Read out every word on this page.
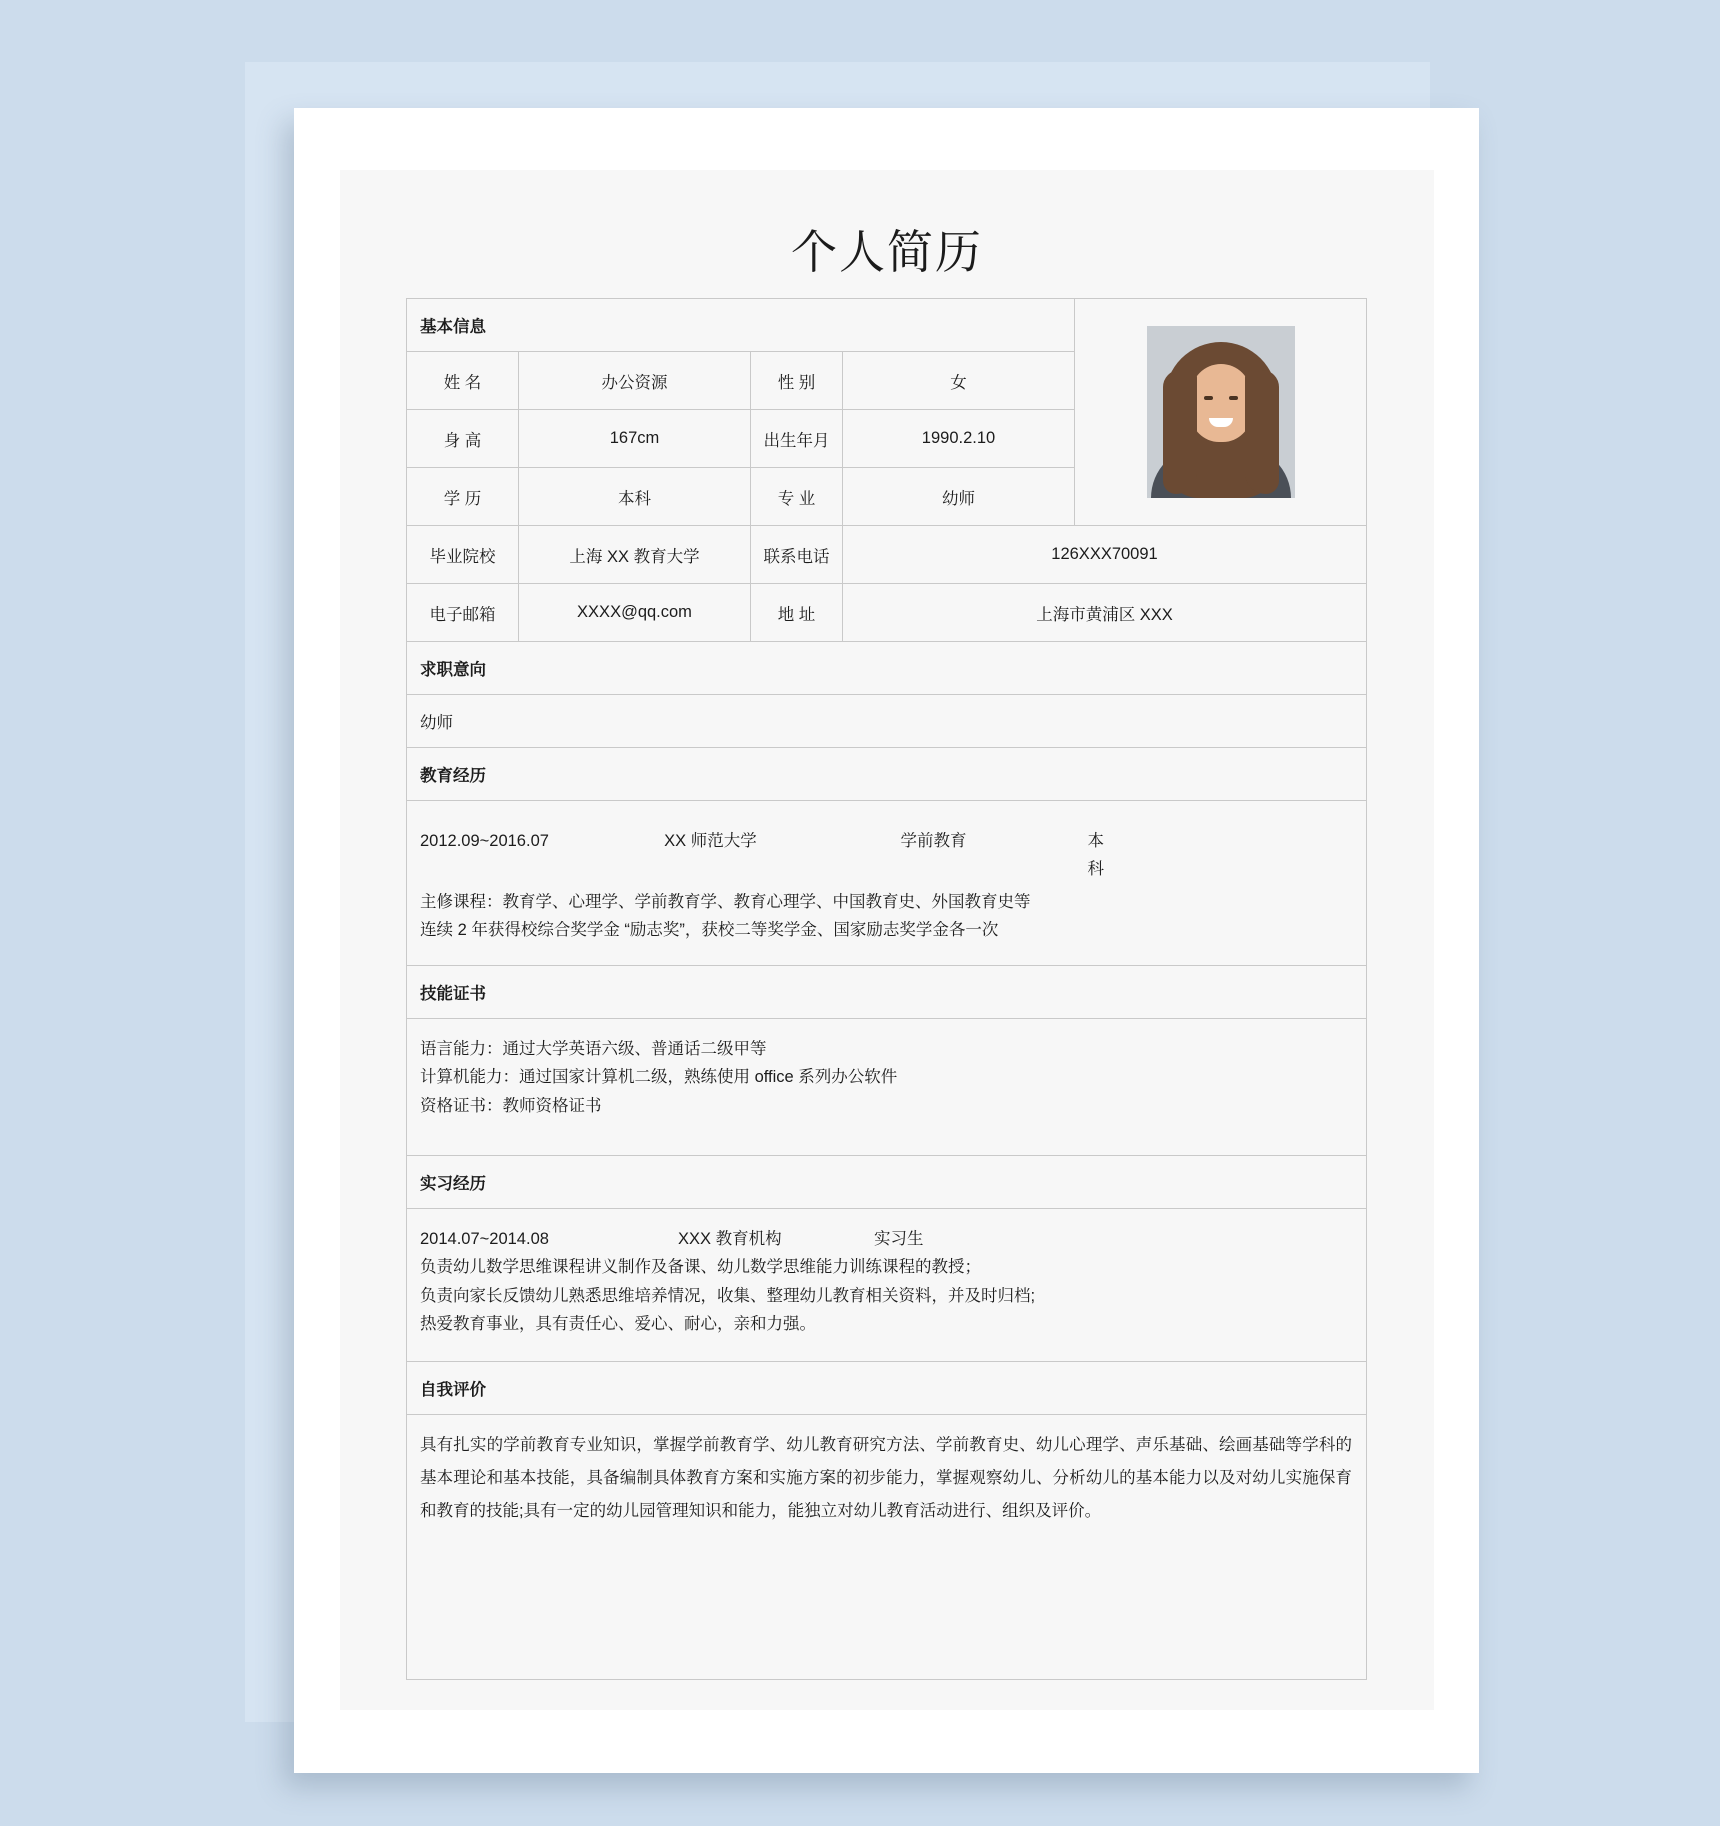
个人简历
基本信息				

姓 名	办公资源	性 别	女	
身 高	167cm	出生年月	1990.2.10	
学 历	本科	专 业	幼师	
毕业院校	上海 XX 教育大学	联系电话	126XXX70091	
电子邮箱	XXXX@qq.com	地 址	上海市黄浦区 XXX	
求职意向				
幼师				
教育经历				

2012.09~2016.07	XX 师范大学	学前教育	本科
主修课程：教育学、心理学、学前教育学、教育心理学、中国教育史、外国教育史等
连续 2 年获得校综合奖学金 “励志奖”，获校二等奖学金、国家励志奖学金各一次

技能证书				

语言能力：通过大学英语六级、普通话二级甲等
计算机能力：通过国家计算机二级，熟练使用 office 系列办公软件
资格证书：教师资格证书				

实习经历				

2014.07~2014.08	XXX 教育机构	实习生
负责幼儿数学思维课程讲义制作及备课、幼儿数学思维能力训练课程的教授；
负责向家长反馈幼儿熟悉思维培养情况，收集、整理幼儿教育相关资料，并及时归档;
热爱教育事业，具有责任心、爱心、耐心，亲和力强。

自我评价				
具有扎实的学前教育专业知识，掌握学前教育学、幼儿教育研究方法、学前教育史、幼儿心理学、声乐基础、绘画基础等学科的基本理论和基本技能，具备编制具体教育方案和实施方案的初步能力，掌握观察幼儿、分析幼儿的基本能力以及对幼儿实施保育和教育的技能;具有一定的幼儿园管理知识和能力，能独立对幼儿教育活动进行、组织及评价。				
